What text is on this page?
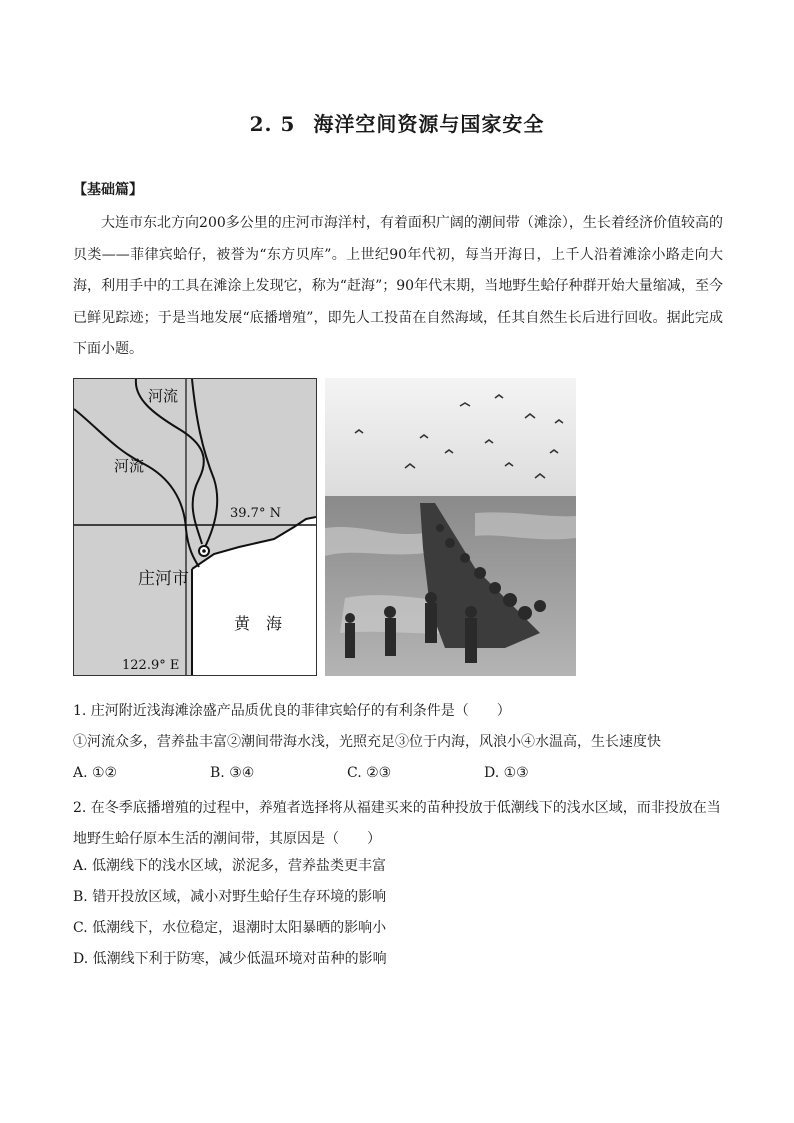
2. 5 海洋空间资源与国家安全
【基础篇】
大连市东北方向200多公里的庄河市海洋村，有着面积广阔的潮间带（滩涂），生长着经济价值较高的贝类——菲律宾蛤仔，被誉为“东方贝库”。上世纪90年代初，每当开海日，上千人沿着滩涂小路走向大海，利用手中的工具在滩涂上发现它，称为“赶海”；90年代末期，当地野生蛤仔种群开始大量缩减，至今已鲜见踪迹；于是当地发展“底播增殖”，即先人工投苗在自然海域，任其自然生长后进行回收。据此完成下面小题。
河流
河流
39.7° N
庄河市
黄　海
122.9° E
1. 庄河附近浅海滩涂盛产品质优良的菲律宾蛤仔的有利条件是（　　）
①河流众多，营养盐丰富②潮间带海水浅，光照充足③位于内海，风浪小④水温高，生长速度快
A. ①②	B. ③④	C. ②③	D. ①③
2. 在冬季底播增殖的过程中，养殖者选择将从福建买来的苗种投放于低潮线下的浅水区域，而非投放在当地野生蛤仔原本生活的潮间带，其原因是（　　）
A. 低潮线下的浅水区域，淤泥多，营养盐类更丰富
B. 错开投放区域，减小对野生蛤仔生存环境的影响
C. 低潮线下，水位稳定，退潮时太阳暴晒的影响小
D. 低潮线下利于防寒，减少低温环境对苗种的影响
